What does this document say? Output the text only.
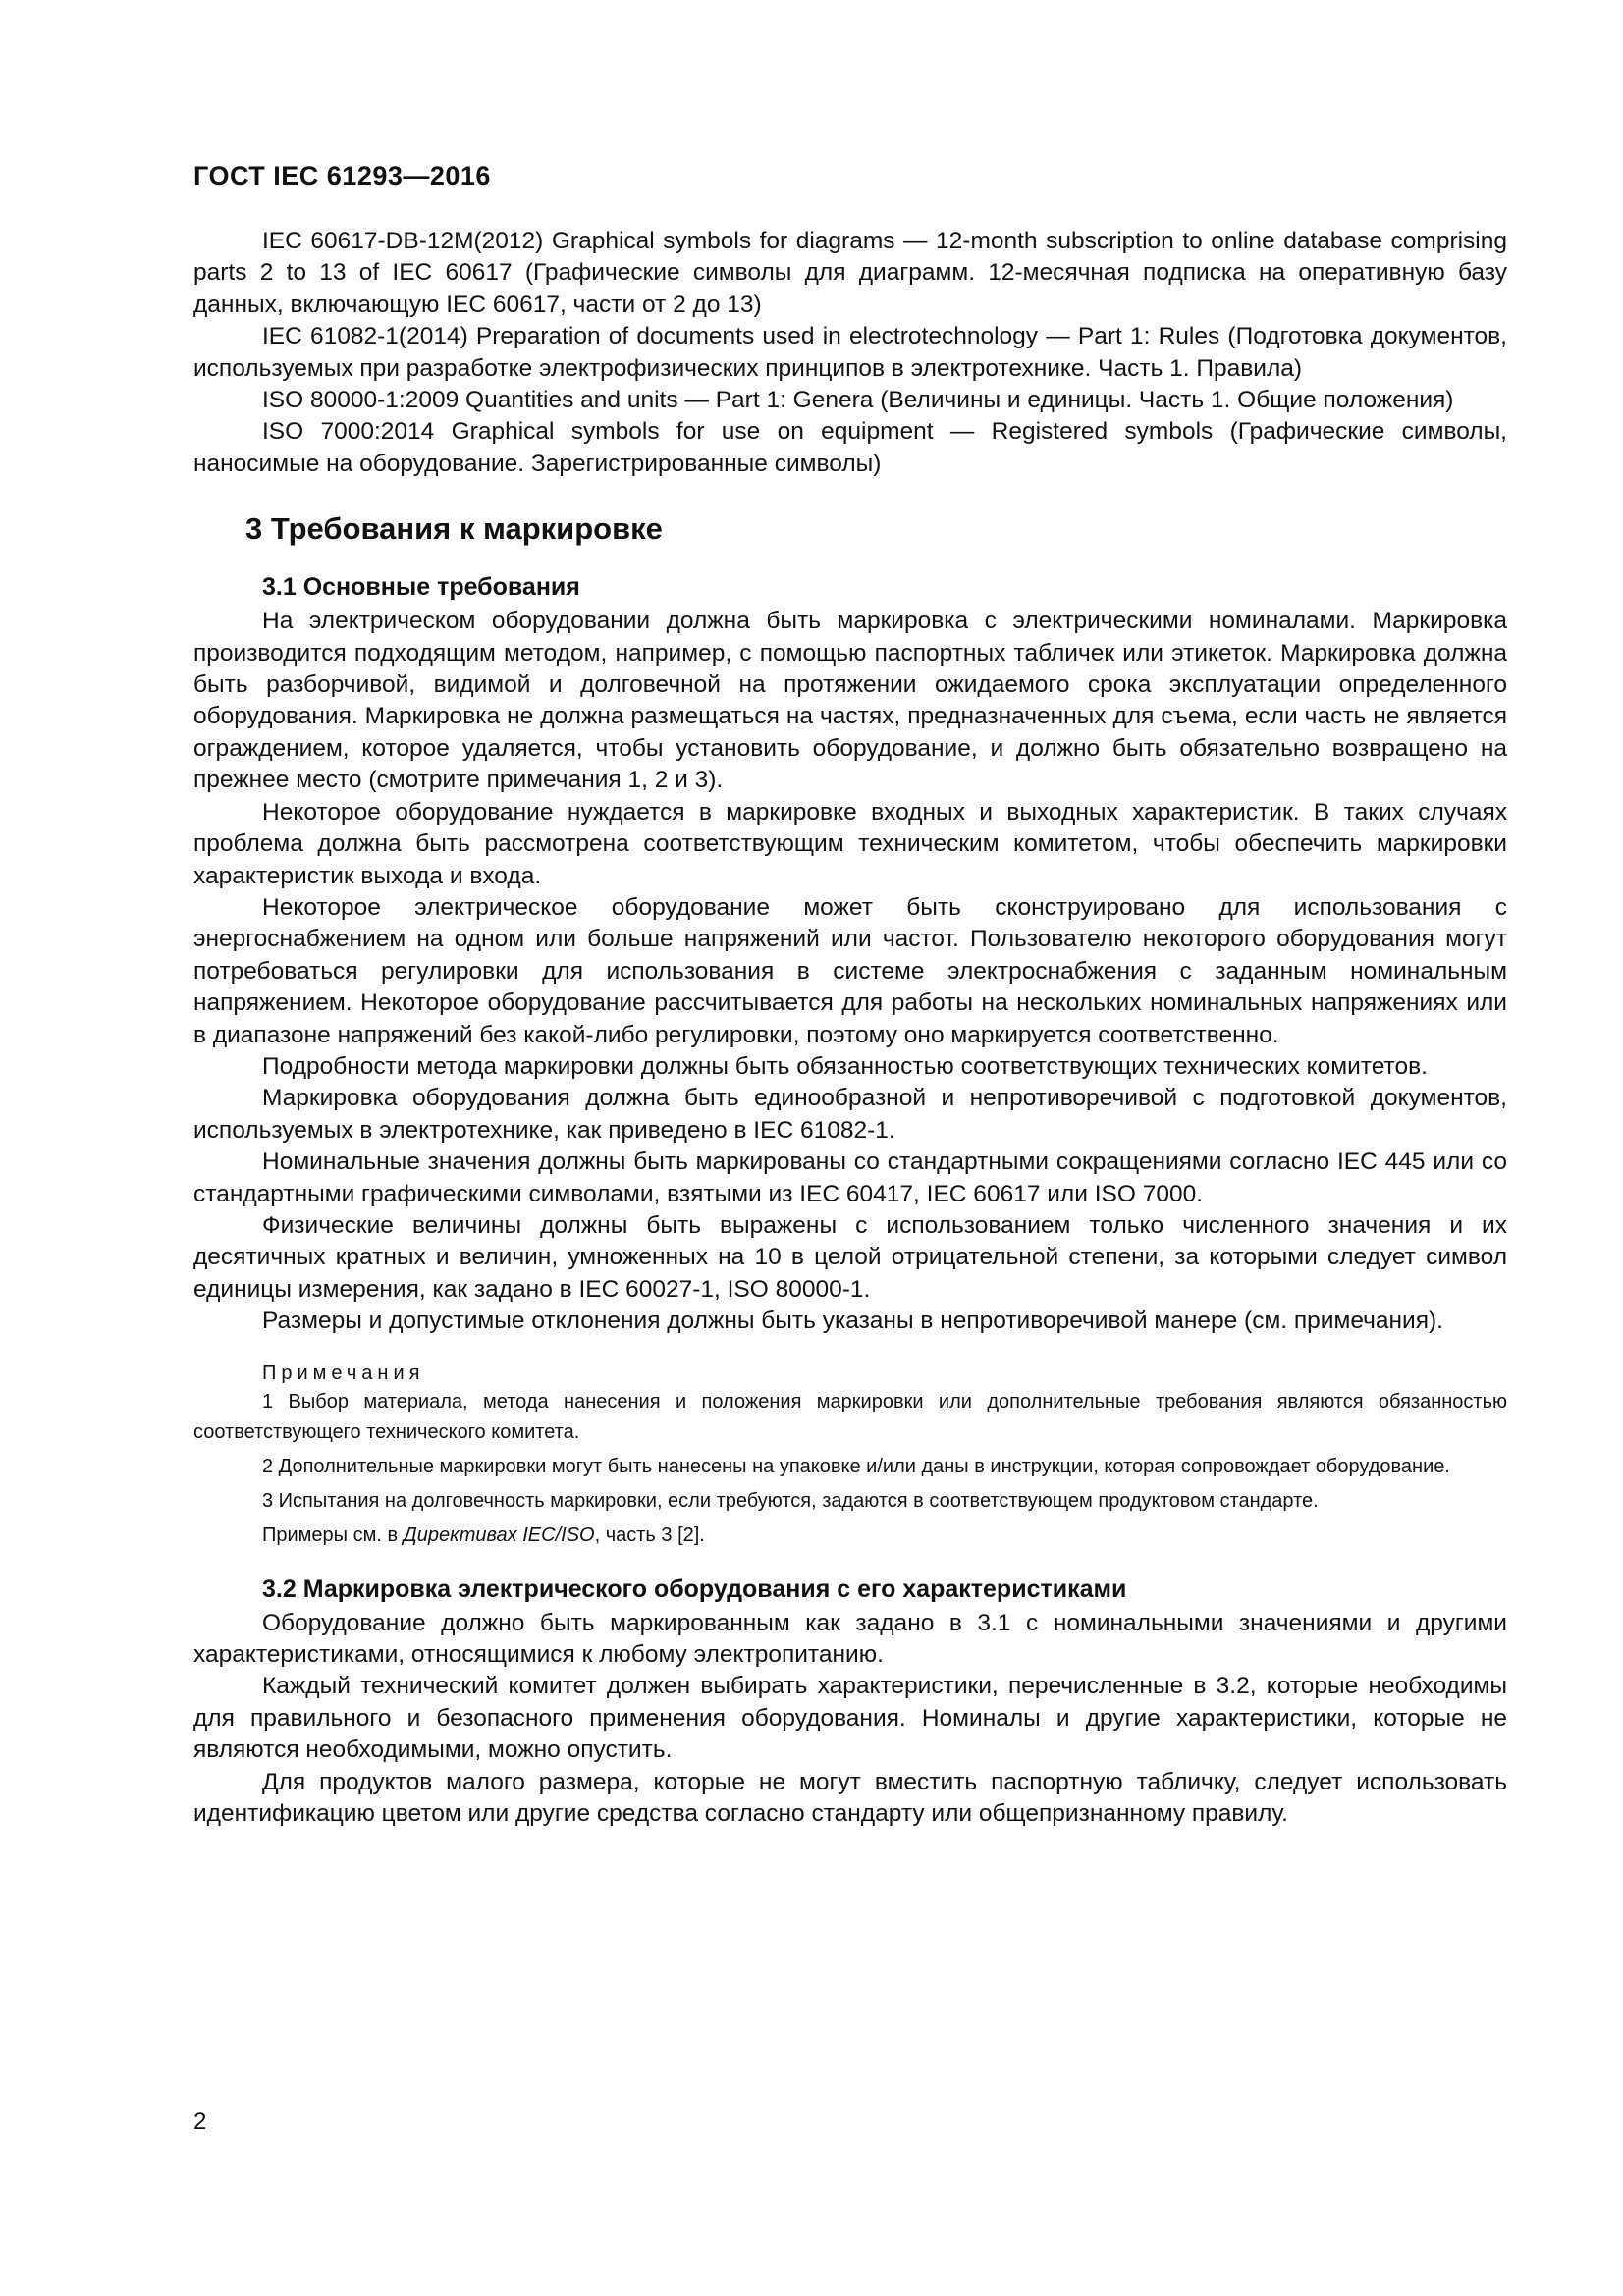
ГОСТ IEC 61293—2016

IEC 60617-DB-12M(2012) Graphical symbols for diagrams — 12-month subscription to online database comprising parts 2 to 13 of IEC 60617 (Графические символы для диаграмм. 12-месячная подписка на оперативную базу данных, включающую IEC 60617, части от 2 до 13)

IEC 61082-1(2014) Preparation of documents used in electrotechnology — Part 1: Rules (Подготовка документов, используемых при разработке электрофизических принципов в электротехнике. Часть 1. Правила)

ISO 80000-1:2009 Quantities and units — Part 1: Genera (Величины и единицы. Часть 1. Общие положения)

ISO 7000:2014 Graphical symbols for use on equipment — Registered symbols (Графические символы, наносимые на оборудование. Зарегистрированные символы)

3 Требования к маркировке
3.1 Основные требования

На электрическом оборудовании должна быть маркировка с электрическими номиналами. Маркировка производится подходящим методом, например, с помощью паспортных табличек или этикеток. Маркировка должна быть разборчивой, видимой и долговечной на протяжении ожидаемого срока эксплуатации определенного оборудования. Маркировка не должна размещаться на частях, предназначенных для съема, если часть не является ограждением, которое удаляется, чтобы установить оборудование, и должно быть обязательно возвращено на прежнее место (смотрите примечания 1, 2 и 3).

Некоторое оборудование нуждается в маркировке входных и выходных характеристик. В таких случаях проблема должна быть рассмотрена соответствующим техническим комитетом, чтобы обеспечить маркировки характеристик выхода и входа.

Некоторое электрическое оборудование может быть сконструировано для использования с энергоснабжением на одном или больше напряжений или частот. Пользователю некоторого оборудования могут потребоваться регулировки для использования в системе электроснабжения с заданным номинальным напряжением. Некоторое оборудование рассчитывается для работы на нескольких номинальных напряжениях или в диапазоне напряжений без какой-либо регулировки, поэтому оно маркируется соответственно.

Подробности метода маркировки должны быть обязанностью соответствующих технических комитетов.

Маркировка оборудования должна быть единообразной и непротиворечивой с подготовкой документов, используемых в электротехнике, как приведено в IEC 61082-1.

Номинальные значения должны быть маркированы со стандартными сокращениями согласно IEC 445 или со стандартными графическими символами, взятыми из IEC 60417, IEC 60617 или ISO 7000.

Физические величины должны быть выражены с использованием только численного значения и их десятичных кратных и величин, умноженных на 10 в целой отрицательной степени, за которыми следует символ единицы измерения, как задано в IEC 60027-1, ISO 80000-1.

Размеры и допустимые отклонения должны быть указаны в непротиворечивой манере (см. примечания).

Примечания
1 Выбор материала, метода нанесения и положения маркировки или дополнительные требования являются обязанностью соответствующего технического комитета.
2 Дополнительные маркировки могут быть нанесены на упаковке и/или даны в инструкции, которая сопровождает оборудование.
3 Испытания на долговечность маркировки, если требуются, задаются в соответствующем продуктовом стандарте.
Примеры см. в Директивах IEC/ISO, часть 3 [2].
3.2 Маркировка электрического оборудования с его характеристиками

Оборудование должно быть маркированным как задано в 3.1 с номинальными значениями и другими характеристиками, относящимися к любому электропитанию.

Каждый технический комитет должен выбирать характеристики, перечисленные в 3.2, которые необходимы для правильного и безопасного применения оборудования. Номиналы и другие характеристики, которые не являются необходимыми, можно опустить.

Для продуктов малого размера, которые не могут вместить паспортную табличку, следует использовать идентификацию цветом или другие средства согласно стандарту или общепризнанному правилу.

2
